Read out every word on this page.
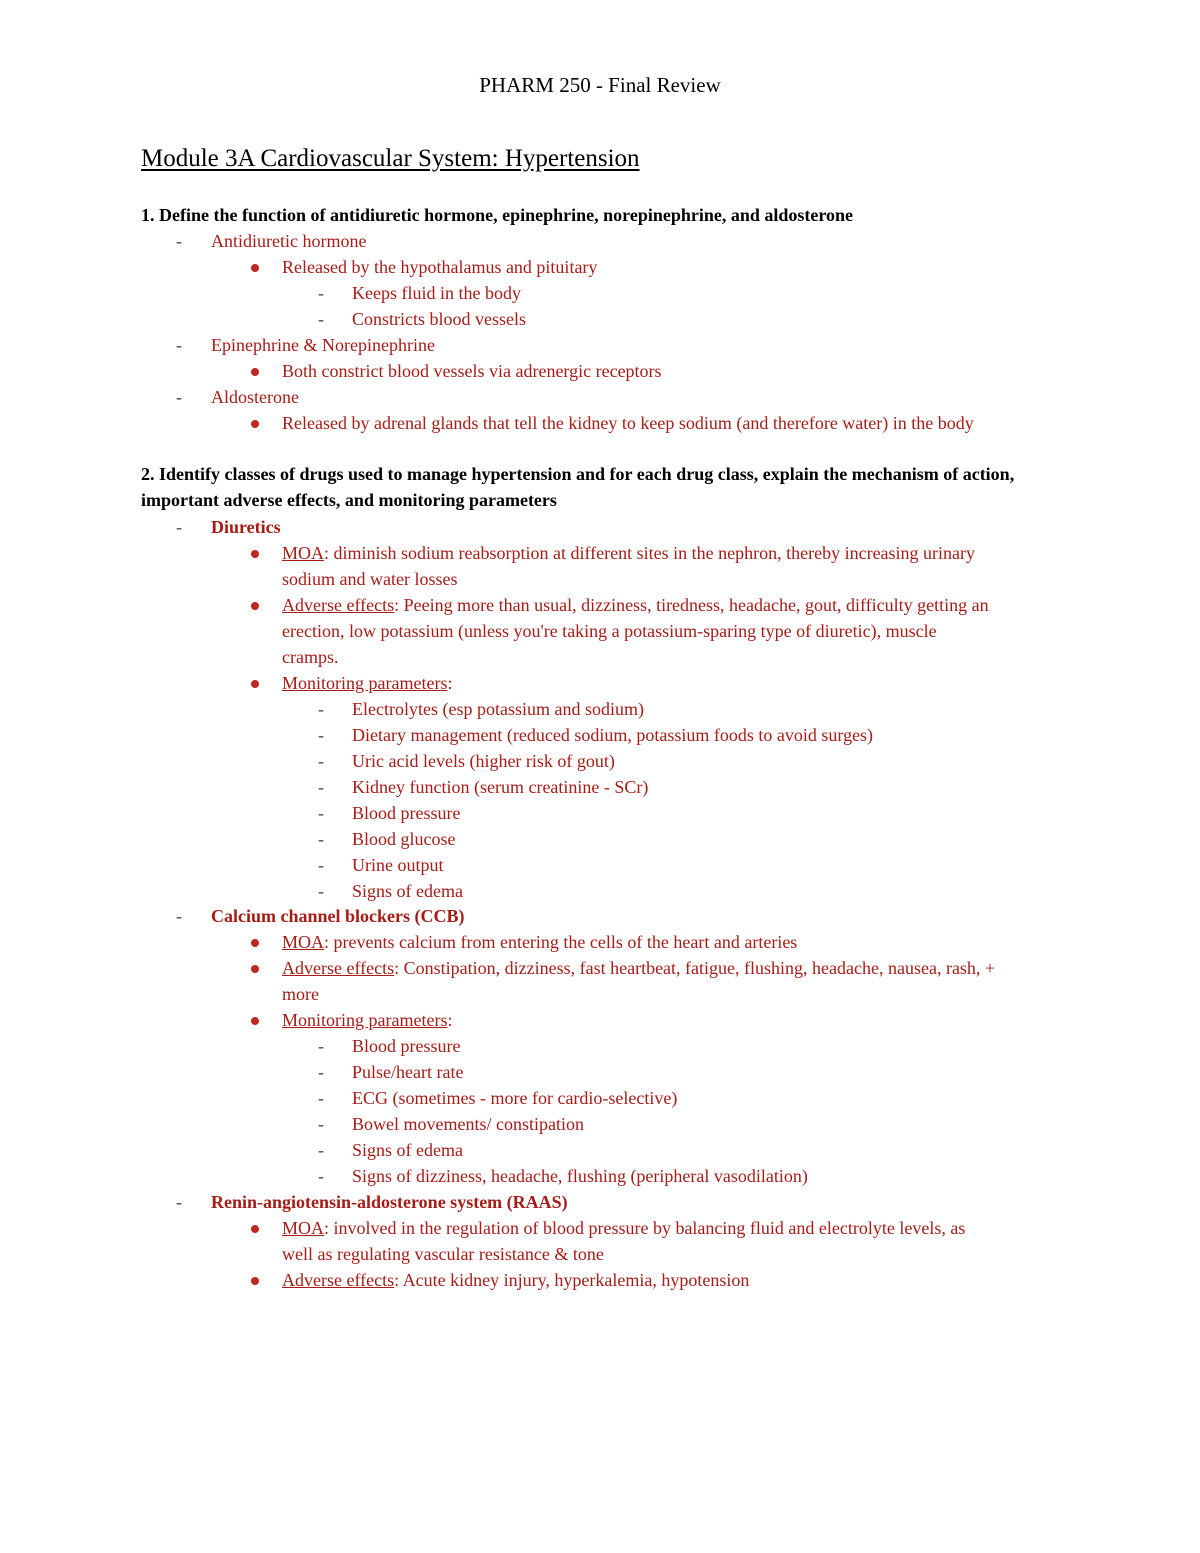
PHARM 250 - Final Review
Module 3A Cardiovascular System: Hypertension
1. Define the function of antidiuretic hormone, epinephrine, norepinephrine, and aldosterone
- Antidiuretic hormone
Released by the hypothalamus and pituitary
- Keeps fluid in the body
- Constricts blood vessels
- Epinephrine & Norepinephrine
Both constrict blood vessels via adrenergic receptors
- Aldosterone
Released by adrenal glands that tell the kidney to keep sodium (and therefore water) in the body
2. Identify classes of drugs used to manage hypertension and for each drug class, explain the mechanism of action, important adverse effects, and monitoring parameters
- Diuretics
MOA: diminish sodium reabsorption at different sites in the nephron, thereby increasing urinary
sodium and water losses
Adverse effects: Peeing more than usual, dizziness, tiredness, headache, gout, difficulty getting an
erection, low potassium (unless you're taking a potassium-sparing type of diuretic), muscle
cramps.
Monitoring parameters:
- Electrolytes (esp potassium and sodium)
- Dietary management (reduced sodium, potassium foods to avoid surges)
- Uric acid levels (higher risk of gout)
- Kidney function (serum creatinine - SCr)
- Blood pressure
- Blood glucose
- Urine output
- Signs of edema
- Calcium channel blockers (CCB)
MOA: prevents calcium from entering the cells of the heart and arteries
Adverse effects: Constipation, dizziness, fast heartbeat, fatigue, flushing, headache, nausea, rash, +
more
Monitoring parameters:
- Blood pressure
- Pulse/heart rate
- ECG (sometimes - more for cardio-selective)
- Bowel movements/ constipation
- Signs of edema
- Signs of dizziness, headache, flushing (peripheral vasodilation)
- Renin-angiotensin-aldosterone system (RAAS)
MOA: involved in the regulation of blood pressure by balancing fluid and electrolyte levels, as
well as regulating vascular resistance & tone
Adverse effects: Acute kidney injury, hyperkalemia, hypotension
